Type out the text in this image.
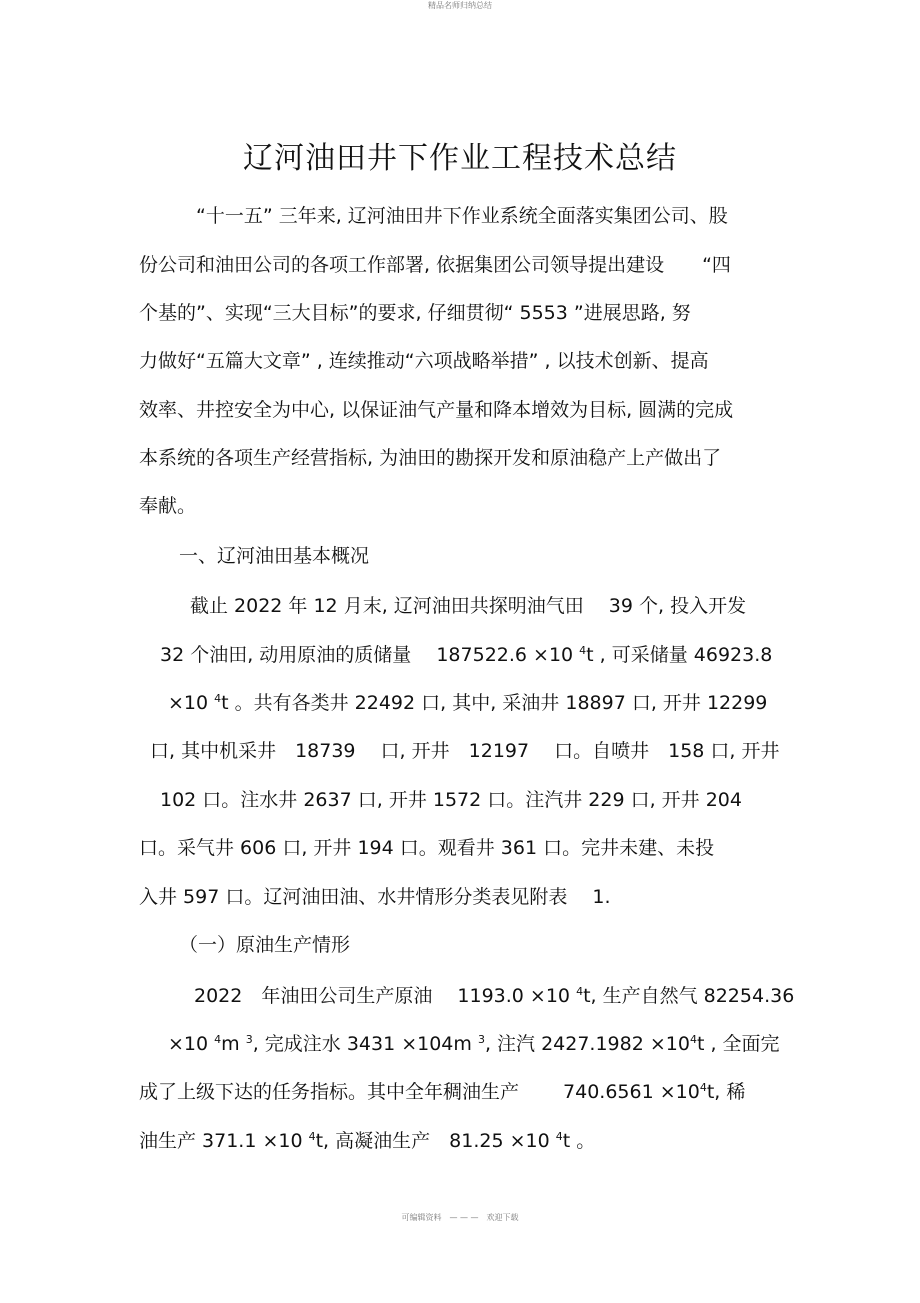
精品名师归纳总结
辽河油田井下作业工程技术总结
“十一五” 三年来, 辽河油田井下作业系统全面落实集团公司、股
份公司和油田公司的各项工作部署, 依据集团公司领导提出建设　　“四
个基的”、实现“三大目标”的要求, 仔细贯彻“ 5553 ”进展思路, 努
力做好“五篇大文章” , 连续推动“六项战略举措” , 以技术创新、提高
效率、井控安全为中心, 以保证油气产量和降本增效为目标, 圆满的完成
本系统的各项生产经营指标, 为油田的勘探开发和原油稳产上产做出了
奉献。
一、辽河油田基本概况
截止 2022 年 12 月末, 辽河油田共探明油气田　 39 个, 投入开发
32 个油田, 动用原油的质储量　 187522.6 ×10 $^4$t , 可采储量 46923.8
×10 $^4$t 。共有各类井 22492 口, 其中, 采油井 18897 口, 开井 12299
口, 其中机采井　18739　 口, 开井　12197　 口。自喷井　158 口, 开井
102 口。注水井 2637 口, 开井 1572 口。注汽井 229 口, 开井 204
口。采气井 606 口, 开井 194 口。观看井 361 口。完井未建、未投
入井 597 口。辽河油田油、水井情形分类表见附表　 1.
（一）原油生产情形
2022　年油田公司生产原油　 1193.0 ×10 $^4$t, 生产自然气 82254.36
×10 $^4$m $^3$, 完成注水 3431 ×104m $^3$, 注汽 $2427.1982 \times 10^4t$ , 全面完
成了上级下达的任务指标。其中全年稠油生产　　 $740.6561 \times 10^4t$, 稀
油生产 371.1 ×10 $^4$t, 高凝油生产　81.25 ×10 $^4$t 。
可编辑资料　— — —　欢迎下载
